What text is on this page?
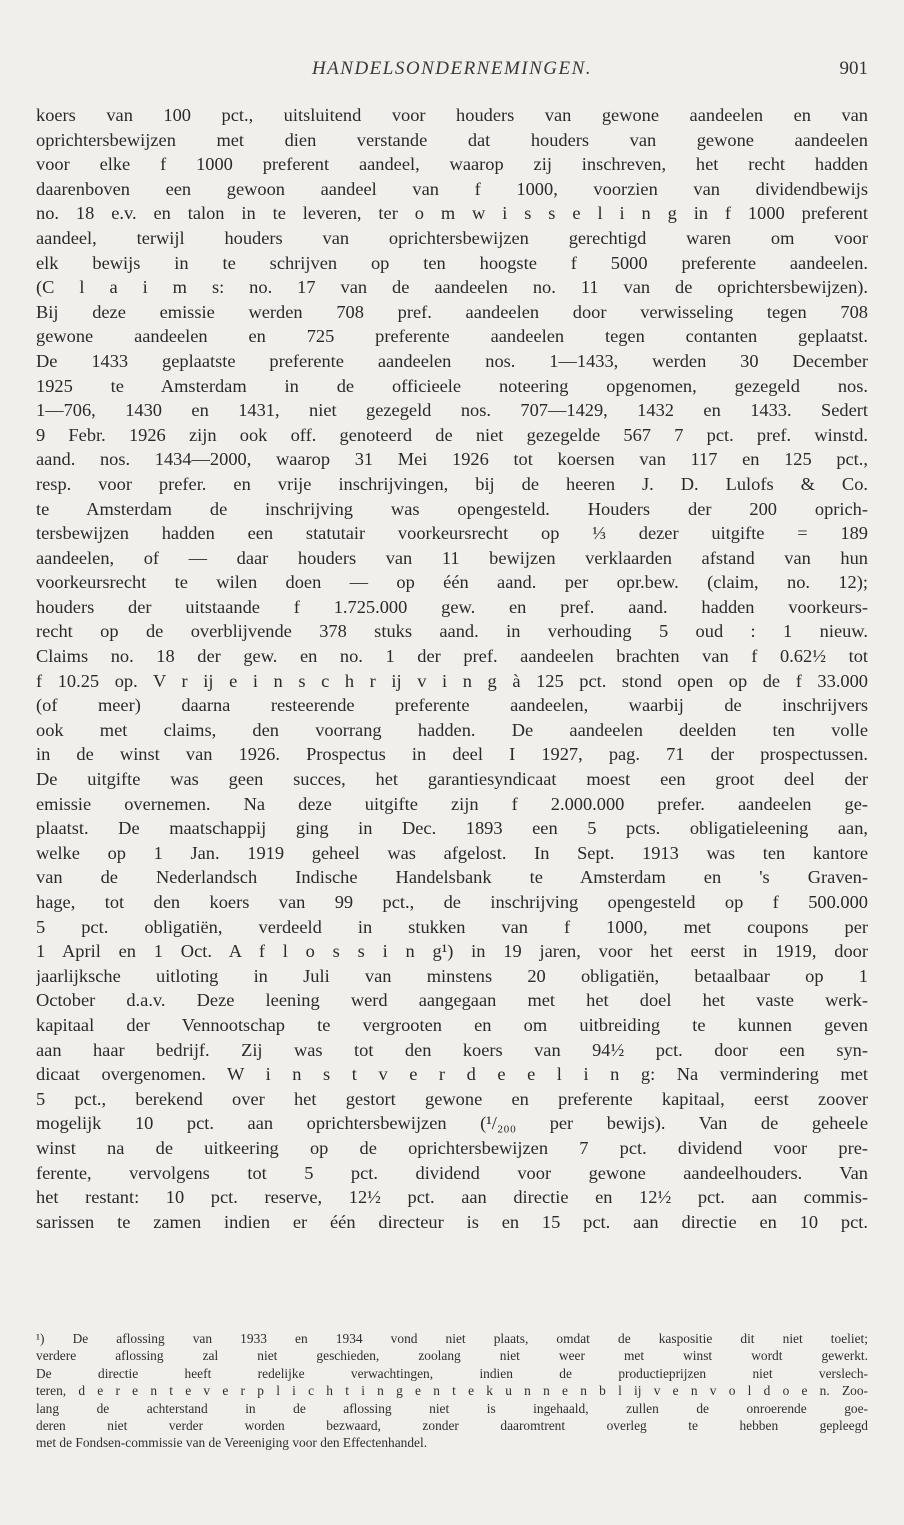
HANDELSONDERNEMINGEN.	901
koers van 100 pct., uitsluitend voor houders van gewone aandeelen en van
oprichtersbewijzen met dien verstande dat houders van gewone aandeelen
voor elke f 1000 preferent aandeel, waarop zij inschreven, het recht hadden
daarenboven een gewoon aandeel van f 1000, voorzien van dividendbewijs
no. 18 e.v. en talon in te leveren, ter o m w i s s e l i n g in f 1000 preferent
aandeel, terwijl houders van oprichtersbewijzen gerechtigd waren om voor
elk bewijs in te schrijven op ten hoogste f 5000 preferente aandeelen.
(C l a i m s: no. 17 van de aandeelen no. 11 van de oprichtersbewijzen).
Bij deze emissie werden 708 pref. aandeelen door verwisseling tegen 708
gewone aandeelen en 725 preferente aandeelen tegen contanten geplaatst.
De 1433 geplaatste preferente aandeelen nos. 1—1433, werden 30 December
1925 te Amsterdam in de officieele noteering opgenomen, gezegeld nos.
1—706, 1430 en 1431, niet gezegeld nos. 707—1429, 1432 en 1433. Sedert
9 Febr. 1926 zijn ook off. genoteerd de niet gezegelde 567 7 pct. pref. winstd.
aand. nos. 1434—2000, waarop 31 Mei 1926 tot koersen van 117 en 125 pct.,
resp. voor prefer. en vrije inschrijvingen, bij de heeren J. D. Lulofs & Co.
te Amsterdam de inschrijving was opengesteld. Houders der 200 oprich-
tersbewijzen hadden een statutair voorkeursrecht op ⅓ dezer uitgifte = 189
aandeelen, of — daar houders van 11 bewijzen verklaarden afstand van hun
voorkeursrecht te wilen doen — op één aand. per opr.bew. (claim, no. 12);
houders der uitstaande f 1.725.000 gew. en pref. aand. hadden voorkeurs-
recht op de overblijvende 378 stuks aand. in verhouding 5 oud : 1 nieuw.
Claims no. 18 der gew. en no. 1 der pref. aandeelen brachten van f 0.62½ tot
f 10.25 op. V r ij e i n s c h r ij v i n g à 125 pct. stond open op de f 33.000
(of meer) daarna resteerende preferente aandeelen, waarbij de inschrijvers
ook met claims, den voorrang hadden. De aandeelen deelden ten volle
in de winst van 1926. Prospectus in deel I 1927, pag. 71 der prospectussen.
De uitgifte was geen succes, het garantiesyndicaat moest een groot deel der
emissie overnemen. Na deze uitgifte zijn f 2.000.000 prefer. aandeelen ge-
plaatst. De maatschappij ging in Dec. 1893 een 5 pcts. obligatieleening aan,
welke op 1 Jan. 1919 geheel was afgelost. In Sept. 1913 was ten kantore
van de Nederlandsch Indische Handelsbank te Amsterdam en 's Graven-
hage, tot den koers van 99 pct., de inschrijving opengesteld op f 500.000
5 pct. obligatiën, verdeeld in stukken van f 1000, met coupons per
1 April en 1 Oct. A f l o s s i n g¹) in 19 jaren, voor het eerst in 1919, door
jaarlijksche uitloting in Juli van minstens 20 obligatiën, betaalbaar op 1
October d.a.v. Deze leening werd aangegaan met het doel het vaste werk-
kapitaal der Vennootschap te vergrooten en om uitbreiding te kunnen geven
aan haar bedrijf. Zij was tot den koers van 94½ pct. door een syn-
dicaat overgenomen. W i n s t v e r d e e l i n g: Na vermindering met
5 pct., berekend over het gestort gewone en preferente kapitaal, eerst zoover
mogelijk 10 pct. aan oprichtersbewijzen (¹/₂₀₀ per bewijs). Van de geheele
winst na de uitkeering op de oprichtersbewijzen 7 pct. dividend voor pre-
ferente, vervolgens tot 5 pct. dividend voor gewone aandeelhouders. Van
het restant: 10 pct. reserve, 12½ pct. aan directie en 12½ pct. aan commis-
sarissen te zamen indien er één directeur is en 15 pct. aan directie en 10 pct.
¹) De aflossing van 1933 en 1934 vond niet plaats, omdat de kaspositie dit niet toeliet;
verdere aflossing zal niet geschieden, zoolang niet weer met winst wordt gewerkt.
De directie heeft redelijke verwachtingen, indien de productieprijzen niet verslech-
teren, d e r e n t e v e r p l i c h t i n g e n t e k u n n e n b l ij v e n v o l d o e n. Zoo-
lang de achterstand in de aflossing niet is ingehaald, zullen de onroerende goe-
deren niet verder worden bezwaard, zonder daaromtrent overleg te hebben gepleegd
met de Fondsen-commissie van de Vereeniging voor den Effectenhandel.
